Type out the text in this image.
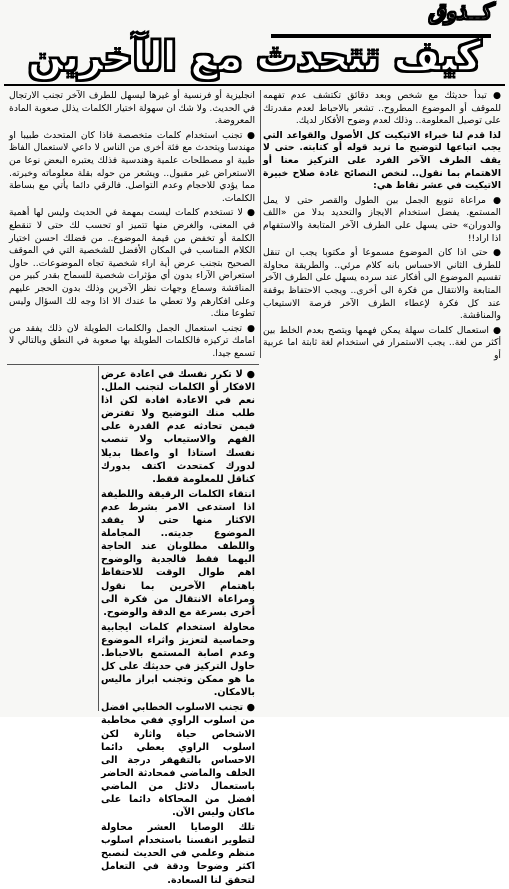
كــذوق
كيف تتحدث مع الآخرين

● تبدأ حديثك مع شخص وبعد دقائق تكتشف عدم تفهمه للموقف أو الموضوع المطروح.. تشعر بالاحباط لعدم مقدرتك على توصيل المعلومة.. وذلك لعدم وضوح الأفكار لديك.

لذا قدم لنا خبراء الاتيكيت كل الأصول والقواعد التي يجب اتباعها لتوضيح ما تريد قوله أو كتابته. حتى لا يقف الطرف الآخر الفرد على التركيز معنا أو الاهتمام بما نقول.. لنخص النصائح غادة صلاح خبيرة الاتيكيت في عشر نقاط هي:

● مراعاة تنويع الجمل بين الطول والقصر حتى لا يمل المستمع. يفضل استخدام الايجاز والتحديد بدلا من «اللف والدوران» حتى يسهل على الطرف الآخر المتابعة والاستفهام اذا اراد!!

● حتى اذا كان الموضوع مسموعا أو مكتوبا يجب ان تنقل للطرف الثاني الاحساس بانه كلام مرئي.. والطريقة محاولة تقسيم الموضوع الى أفكار عند سرده يسهل على الطرف الآخر المتابعة والانتقال من فكرة الى أخرى.. ويجب الاحتفاظ بوقفة عند كل فكرة لإعطاء الطرف الآخر فرصة الاستيعاب والمناقشة.

● استعمال كلمات سهلة يمكن فهمها ويتصح بعدم الخلط بين أكثر من لغة.. يجب الاستمرار في استخدام لغة ثابتة اما عربية أو

انجليزية أو فرنسية أو غيرها ليسهل للطرف الآخر تجنب الارتجال في الحديث. ولا شك ان سهولة اختيار الكلمات يذلل صعوبة المادة المعروضة.

● تجنب استخدام كلمات متخصصة فاذا كان المتحدث طبيبا او مهندسا ويتحدث مع فئة أخرى من الناس لا داعي لاستعمال الفاظ طبية او مصطلحات علمية وهندسية فذلك يعتبره البعض نوعا من الاستعراض غير مقبول.. ويشعر من حوله بقلة معلوماته وخبرته. مما يؤدي للاحجام وعدم التواصل. فالرقي دائما يأتي مع بساطة الكلمات.

● لا تستخدم كلمات ليست بمهمة في الحديث وليس لها أهمية في المعنى، والغرض منها تتميز او تحسب لك حتى لا تنقطع الكلمة أو تخفض من قيمة الموضوع.. من فضلك احسن اختيار الكلام المناسب في المكان الأفضل للشخصية التي في الموقف الصحيح بتجنب عرض أية اراء شخصية تجاه الموضوعات.. حاول استعراض الآراء بدون أي مؤثرات شخصية للسماح بقدر كبير من المناقشة وسماع وجهات نظر الآخرين وذلك بدون الحجر عليهم وعلى افكارهم ولا تعطي ما عندك الا اذا وجه لك السؤال وليس تطوعا منك.

● تجنب استعمال الجمل والكلمات الطويلة لان ذلك يفقد من امامك تركيزه فالكلمات الطويلة بها صعوبة في النطق وبالتالي لا تسمع جيدا.

● لا تكرر نفسك في اعادة عرض الافكار أو الكلمات لتجنب الملل. نعم في الاعادة افادة لكن اذا طلب منك التوضيح ولا تفترض فيمن تحادثه عدم القدرة على الفهم والاستيعاب ولا تنصب نفسك استاذا او واعظا بديلا لدورك كمتحدث اكتف بدورك كناقل للمعلومة فقط.

انتقاء الكلمات الرقيقة واللطيفة اذا استدعى الامر بشرط عدم الاكثار منها حتى لا يفقد الموضوع جديته.. المجاملة واللطف مطلوبان عند الحاجة اليهما فقط فالجدية والوضوح اهم طوال الوقت للاحتفاظ باهتمام الآخرين بما نقول ومراعاة الانتقال من فكرة الى أخرى بسرعة مع الدقة والوضوح.

محاولة استخدام كلمات ايجابية وحماسية لتعزيز واثراء الموضوع وعدم اصابة المستمع بالاحباط. حاول التركيز في حديثك على كل ما هو ممكن وتجنب ابراز ماليس بالامكان.

● تجنب الاسلوب الخطابي افضل من اسلوب الراوي ففي مخاطبة الاشخاص حياة واثارة لكن اسلوب الراوي يعطي دائما الاحساس بالتقهقر درجة الى الخلف والماضي فمحادثة الحاضر باستعمال دلائل من الماضي افضل من المحاكاة دائما على ماكان وليس الآن.

تلك الوصايا العشر محاولة لتطوير انفسنا باستخدام اسلوب منظم وعلمي في الحديث لنصبح اكثر وضوحا ودقة في التعامل لتحقق لنا السعادة.
